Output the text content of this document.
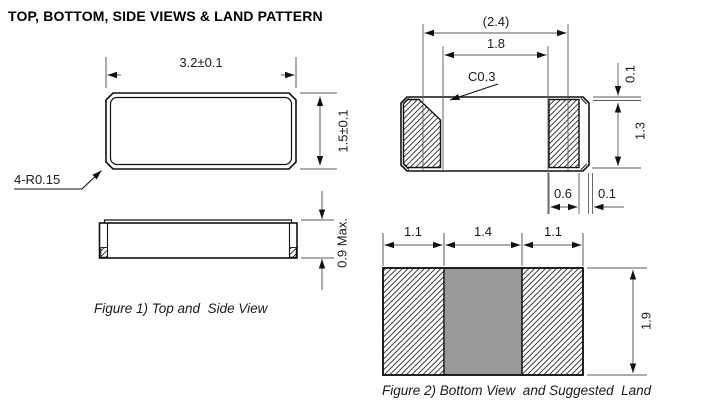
TOP, BOTTOM, SIDE VIEWS & LAND PATTERN
3.2±0.1
1.5±0.1
4-R0.15
0.9 Max.
Figure 1) Top and  Side View
(2.4)
1.8
C0.3	0.1
1.3
0.6 0.1
1.1	1.4	1.1
1.9
Figure 2) Bottom View  and Suggested  Land
